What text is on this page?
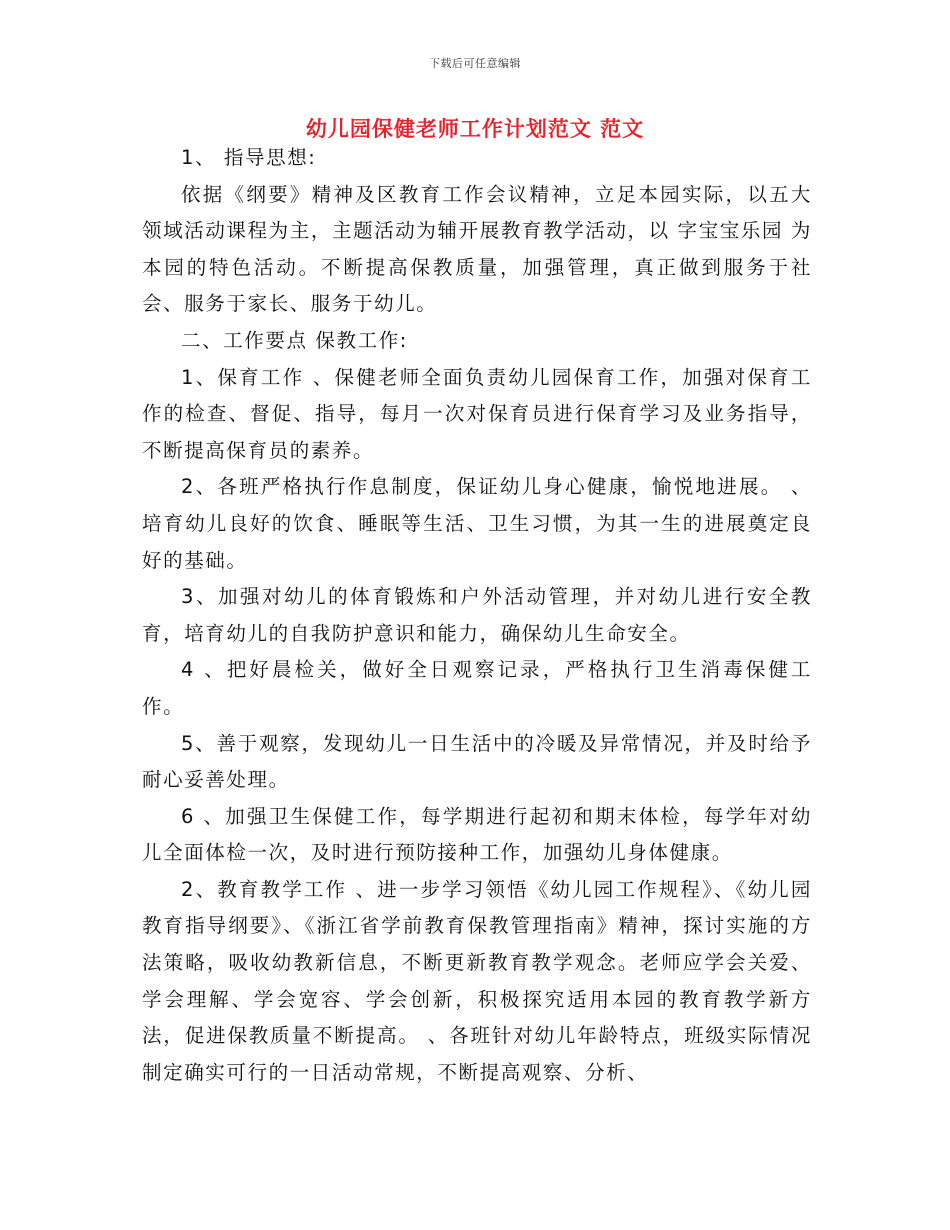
下载后可任意编辑
幼儿园保健老师工作计划范文 范文

1、 指导思想:

依据《纲要》精神及区教育工作会议精神，立足本园实际，以五大领域活动课程为主，主题活动为辅开展教育教学活动，以 字宝宝乐园 为本园的特色活动。不断提高保教质量，加强管理，真正做到服务于社会、服务于家长、服务于幼儿。

二、工作要点 保教工作:

1、保育工作 、保健老师全面负责幼儿园保育工作，加强对保育工作的检查、督促、指导，每月一次对保育员进行保育学习及业务指导，不断提高保育员的素养。

2、各班严格执行作息制度，保证幼儿身心健康，愉悦地进展。 、培育幼儿良好的饮食、睡眠等生活、卫生习惯，为其一生的进展奠定良好的基础。

3、加强对幼儿的体育锻炼和户外活动管理，并对幼儿进行安全教育，培育幼儿的自我防护意识和能力，确保幼儿生命安全。

4 、把好晨检关，做好全日观察记录，严格执行卫生消毒保健工作。

5、善于观察，发现幼儿一日生活中的冷暖及异常情况，并及时给予耐心妥善处理。

6 、加强卫生保健工作，每学期进行起初和期末体检，每学年对幼儿全面体检一次，及时进行预防接种工作，加强幼儿身体健康。

2、教育教学工作 、进一步学习领悟《幼儿园工作规程》、《幼儿园教育指导纲要》、《浙江省学前教育保教管理指南》精神，探讨实施的方法策略，吸收幼教新信息，不断更新教育教学观念。老师应学会关爱、学会理解、学会宽容、学会创新，积极探究适用本园的教育教学新方法，促进保教质量不断提高。 、各班针对幼儿年龄特点，班级实际情况制定确实可行的一日活动常规，不断提高观察、分析、
